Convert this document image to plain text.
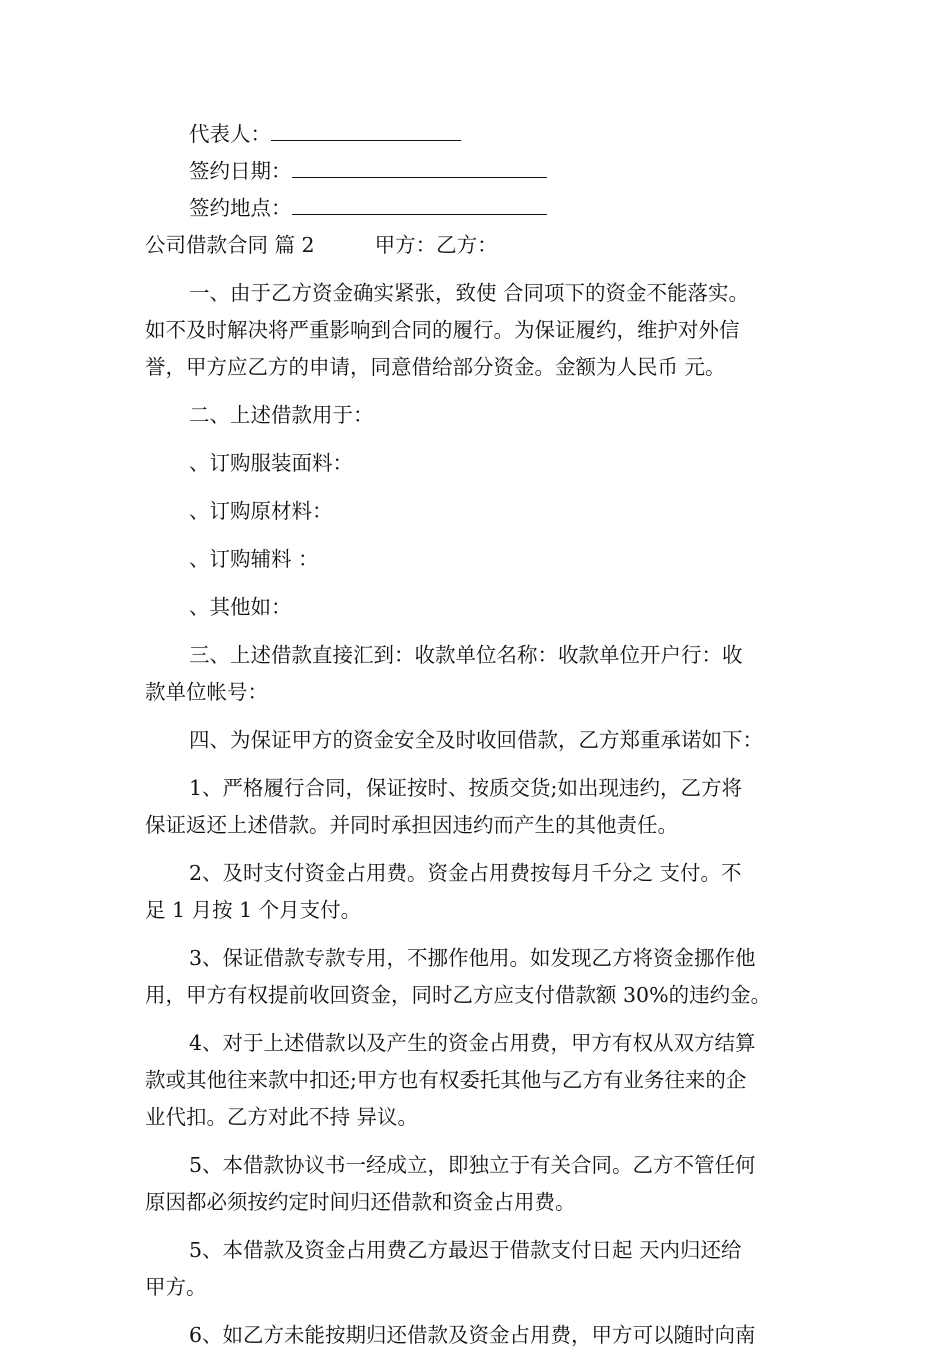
代表人：
签约日期：
签约地点：
公司借款合同 篇 2	甲方：乙方：
一、由于乙方资金确实紧张，致使 合同项下的资金不能落实。
如不及时解决将严重影响到合同的履行。为保证履约，维护对外信
誉，甲方应乙方的申请，同意借给部分资金。金额为人民币 元。
二、上述借款用于：
、订购服装面料：
、订购原材料：
、订购辅料 ：
、其他如：
三、上述借款直接汇到：收款单位名称：收款单位开户行：收
款单位帐号：
四、为保证甲方的资金安全及时收回借款，乙方郑重承诺如下：
1、严格履行合同，保证按时、按质交货;如出现违约，乙方将
保证返还上述借款。并同时承担因违约而产生的其他责任。
2、及时支付资金占用费。资金占用费按每月千分之 支付。不
足 1 月按 1 个月支付。
3、保证借款专款专用，不挪作他用。如发现乙方将资金挪作他
用，甲方有权提前收回资金，同时乙方应支付借款额 30%的违约金。
4、对于上述借款以及产生的资金占用费，甲方有权从双方结算
款或其他往来款中扣还;甲方也有权委托其他与乙方有业务往来的企
业代扣。乙方对此不持 异议。
5、本借款协议书一经成立，即独立于有关合同。乙方不管任何
原因都必须按约定时间归还借款和资金占用费。
5、本借款及资金占用费乙方最迟于借款支付日起 天内归还给
甲方。
6、如乙方未能按期归还借款及资金占用费，甲方可以随时向南
